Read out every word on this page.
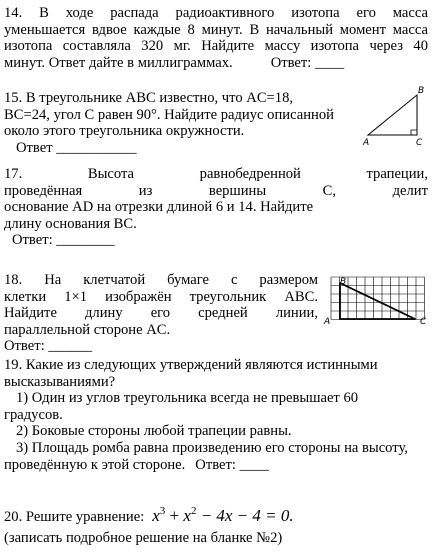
14. В ходе распада радиоактивного изотопа его масса
уменьшается вдвое каждые 8 минут. В начальный момент масса
изотопа составляла 320 мг. Найдите массу изотопа через 40
минут. Ответ дайте в миллиграммах.	Ответ: ____
15. В треугольнике ABC известно, что AC=18,
BC=24, угол C равен 90°. Найдите радиус описанной
около этого треугольника окружности.
Ответ ___________
B
A	C
17. Высота равнобедренной трапеции,
проведённая из вершины C, делит
основание AD на отрезки длиной 6 и 14. Найдите
длину основания BC.
Ответ: ________
18. На клетчатой бумаге с размером
клетки 1×1 изображён треугольник ABC.
Найдите длину его средней линии,
параллельной стороне AC.
Ответ: ______
B
A	C
19. Какие из следующих утверждений являются истинными
высказываниями?
1) Один из углов треугольника всегда не превышает 60
градусов.
2) Боковые стороны любой трапеции равны.
3) Площадь ромба равна произведению его стороны на высоту,
проведённую к этой стороне. Ответ: ____
20. Решите уравнение: $x^3 + x^2 - 4x - 4 = 0$.
(записать подробное решение на бланке №2)
